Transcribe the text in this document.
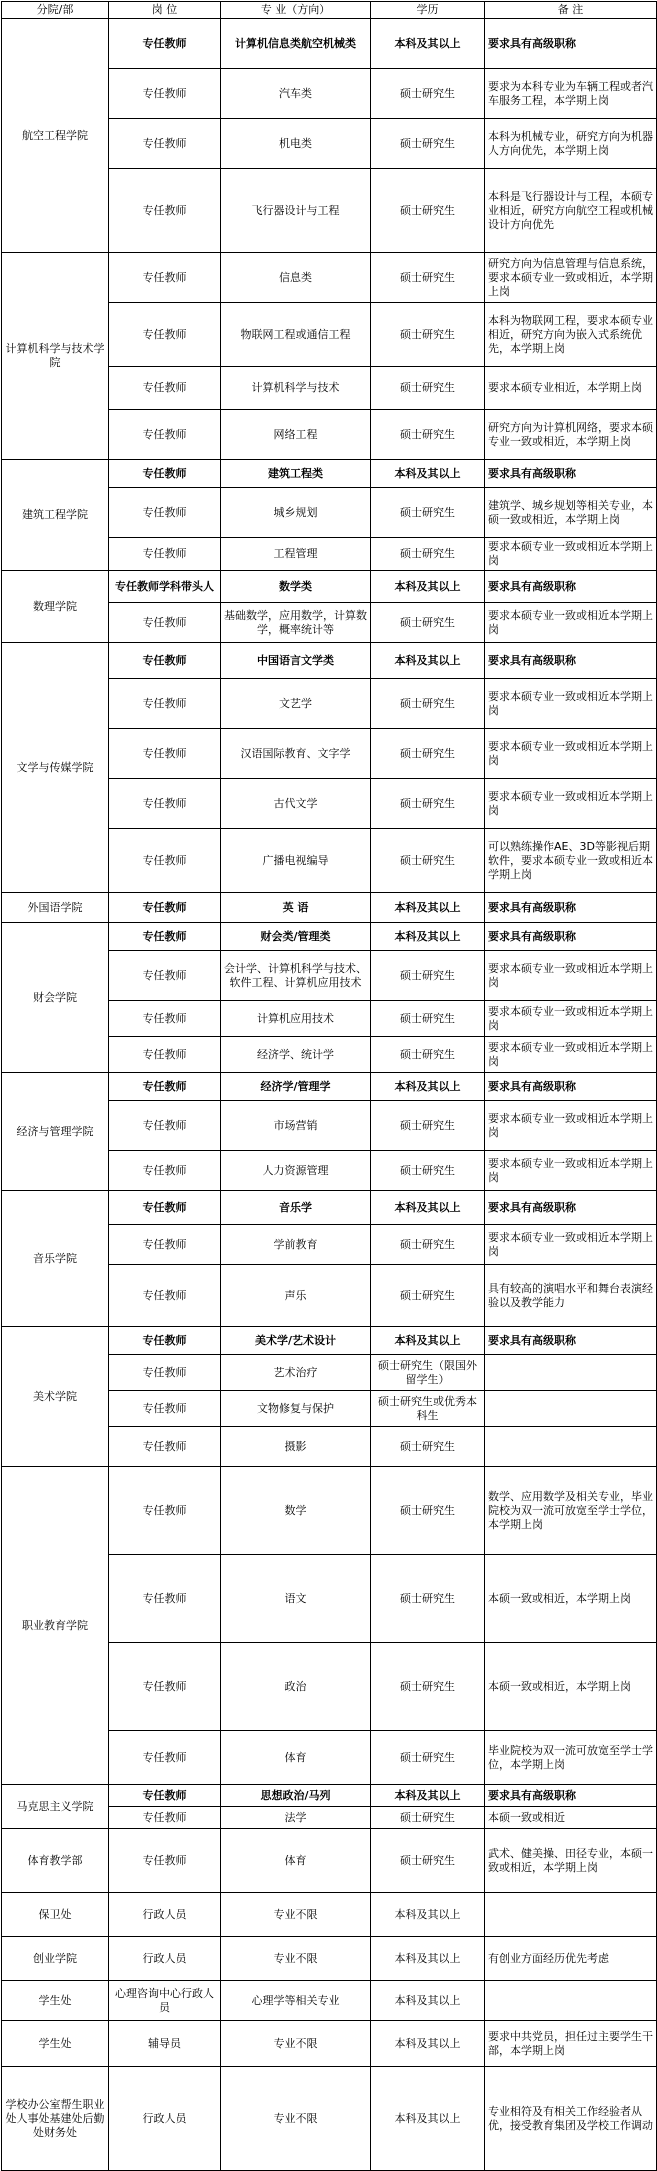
分院/部	岗 位	专 业（方向）	学历	备 注
航空工程学院	专任教师	计算机信息类航空机械类	本科及其以上	要求具有高级职称
	专任教师	汽车类	硕士研究生	要求为本科专业为车辆工程或者汽车服务工程，本学期上岗
	专任教师	机电类	硕士研究生	本科为机械专业，研究方向为机器人方向优先，本学期上岗
	专任教师	飞行器设计与工程	硕士研究生	本科是飞行器设计与工程，本硕专业相近，研究方向航空工程或机械设计方向优先
计算机科学与技术学院	专任教师	信息类	硕士研究生	研究方向为信息管理与信息系统，要求本硕专业一致或相近，本学期上岗
	专任教师	物联网工程或通信工程	硕士研究生	本科为物联网工程，要求本硕专业相近，研究方向为嵌入式系统优先，本学期上岗
	专任教师	计算机科学与技术	硕士研究生	要求本硕专业相近，本学期上岗
	专任教师	网络工程	硕士研究生	研究方向为计算机网络，要求本硕专业一致或相近，本学期上岗
建筑工程学院	专任教师	建筑工程类	本科及其以上	要求具有高级职称
	专任教师	城乡规划	硕士研究生	建筑学、城乡规划等相关专业，本硕一致或相近，本学期上岗
	专任教师	工程管理	硕士研究生	要求本硕专业一致或相近本学期上岗
数理学院	专任教师学科带头人	数学类	本科及其以上	要求具有高级职称
	专任教师	基础数学，应用数学，计算数学，概率统计等	硕士研究生	要求本硕专业一致或相近本学期上岗
文学与传媒学院	专任教师	中国语言文学类	本科及其以上	要求具有高级职称
	专任教师	文艺学	硕士研究生	要求本硕专业一致或相近本学期上岗
	专任教师	汉语国际教育、文字学	硕士研究生	要求本硕专业一致或相近本学期上岗
	专任教师	古代文学	硕士研究生	要求本硕专业一致或相近本学期上岗
	专任教师	广播电视编导	硕士研究生	可以熟练操作AE、3D等影视后期软件，要求本硕专业一致或相近本学期上岗
外国语学院	专任教师	英 语	本科及其以上	要求具有高级职称
财会学院	专任教师	财会类/管理类	本科及其以上	要求具有高级职称
	专任教师	会计学、计算机科学与技术、软件工程、计算机应用技术	硕士研究生	要求本硕专业一致或相近本学期上岗
	专任教师	计算机应用技术	硕士研究生	要求本硕专业一致或相近本学期上岗
	专任教师	经济学、统计学	硕士研究生	要求本硕专业一致或相近本学期上岗
经济与管理学院	专任教师	经济学/管理学	本科及其以上	要求具有高级职称
	专任教师	市场营销	硕士研究生	要求本硕专业一致或相近本学期上岗
	专任教师	人力资源管理	硕士研究生	要求本硕专业一致或相近本学期上岗
音乐学院	专任教师	音乐学	本科及其以上	要求具有高级职称
	专任教师	学前教育	硕士研究生	要求本硕专业一致或相近本学期上岗
	专任教师	声乐	硕士研究生	具有较高的演唱水平和舞台表演经验以及教学能力
美术学院	专任教师	美术学/艺术设计	本科及其以上	要求具有高级职称
	专任教师	艺术治疗	硕士研究生（限国外留学生）	
	专任教师	文物修复与保护	硕士研究生或优秀本科生	
	专任教师	摄影	硕士研究生	
职业教育学院	专任教师	数学	硕士研究生	数学、应用数学及相关专业，毕业院校为双一流可放宽至学士学位，本学期上岗
	专任教师	语文	硕士研究生	本硕一致或相近，本学期上岗
	专任教师	政治	硕士研究生	本硕一致或相近，本学期上岗
	专任教师	体育	硕士研究生	毕业院校为双一流可放宽至学士学位，本学期上岗
马克思主义学院	专任教师	思想政治/马列	本科及其以上	要求具有高级职称
	专任教师	法学	硕士研究生	本硕一致或相近
体育教学部	专任教师	体育	硕士研究生	武术、健美操、田径专业，本硕一致或相近，本学期上岗
保卫处	行政人员	专业不限	本科及其以上	
创业学院	行政人员	专业不限	本科及其以上	有创业方面经历优先考虑
学生处	心理咨询中心行政人员	心理学等相关专业	本科及其以上	
学生处	辅导员	专业不限	本科及其以上	要求中共党员，担任过主要学生干部，本学期上岗
学校办公室帮生职业处人事处基建处后勤处财务处	行政人员	专业不限	本科及其以上	专业相符及有相关工作经验者从优，接受教育集团及学校工作调动
